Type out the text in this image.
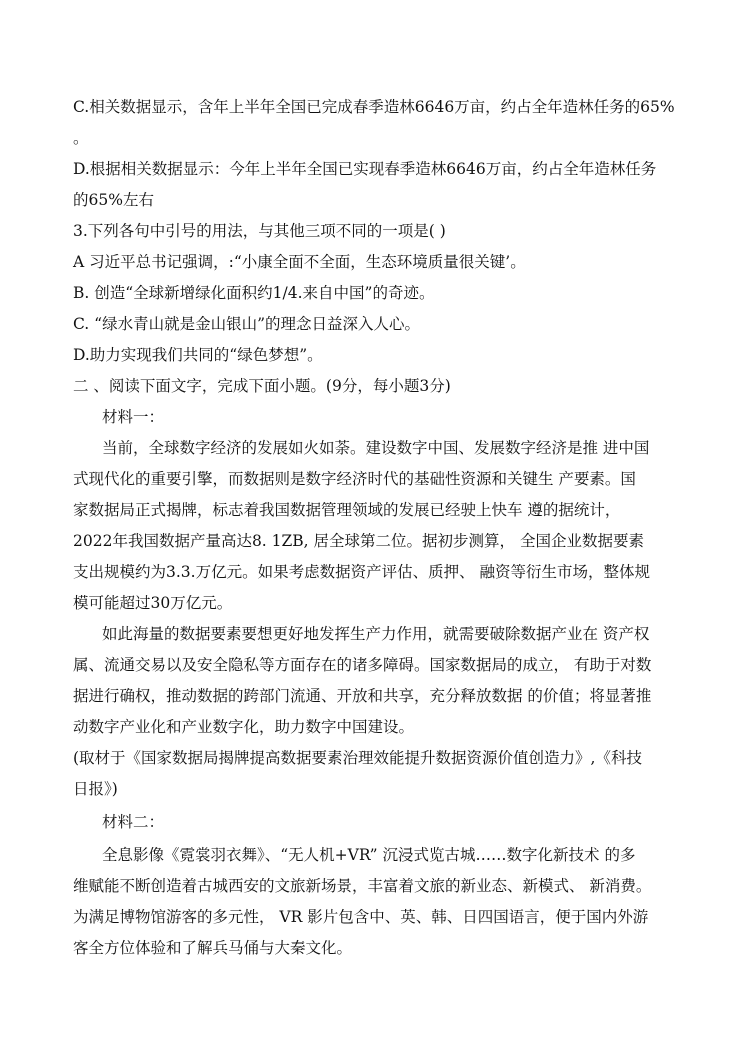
C.相关数据显示，含年上半年全国已完成春季造林6646万亩，约占全年造林任务的65%
。
D.根据相关数据显示：今年上半年全国已实现春季造林6646万亩，约占全年造林任务
的65%左右
3.下列各句中引号的用法，与其他三项不同的一项是( )
A 习近平总书记强调，:“小康全面不全面，生态环境质量很关键’。
B. 创造“全球新增绿化面积约1/4.来自中国”的奇迹。
C. “绿水青山就是金山银山”的理念日益深入人心。
D.助力实现我们共同的“绿色梦想”。
二 、阅读下面文字，完成下面小题。(9分，每小题3分)
材料一：
当前，全球数字经济的发展如火如荼。建设数字中国、发展数字经济是推 进中国
式现代化的重要引擎，而数据则是数字经济时代的基础性资源和关键生 产要素。国
家数据局正式揭牌，标志着我国数据管理领域的发展已经驶上快车 遵的据统计，
2022年我国数据产量高达8. 1ZB, 居全球第二位。据初步测算， 全国企业数据要素
支出规模约为3.3.万亿元。如果考虑数据资产评估、质押、 融资等衍生市场，整体规
模可能超过30万亿元。
如此海量的数据要素要想更好地发挥生产力作用，就需要破除数据产业在 资产权
属、流通交易以及安全隐私等方面存在的诸多障碍。国家数据局的成立， 有助于对数
据进行确权，推动数据的跨部门流通、开放和共享，充分释放数据 的价值；将显著推
动数字产业化和产业数字化，助力数字中国建设。
(取材于《国家数据局揭牌提高数据要素治理效能提升数据资源价值创造力》,《科技
日报》)
材料二：
全息影像《霓裳羽衣舞》、“无人机+VR” 沉浸式览古城……数字化新技术 的多
维赋能不断创造着古城西安的文旅新场景，丰富着文旅的新业态、新模式、 新消费。
为满足博物馆游客的多元性， VR 影片包含中、英、韩、日四国语言，便于国内外游
客全方位体验和了解兵马俑与大秦文化。
